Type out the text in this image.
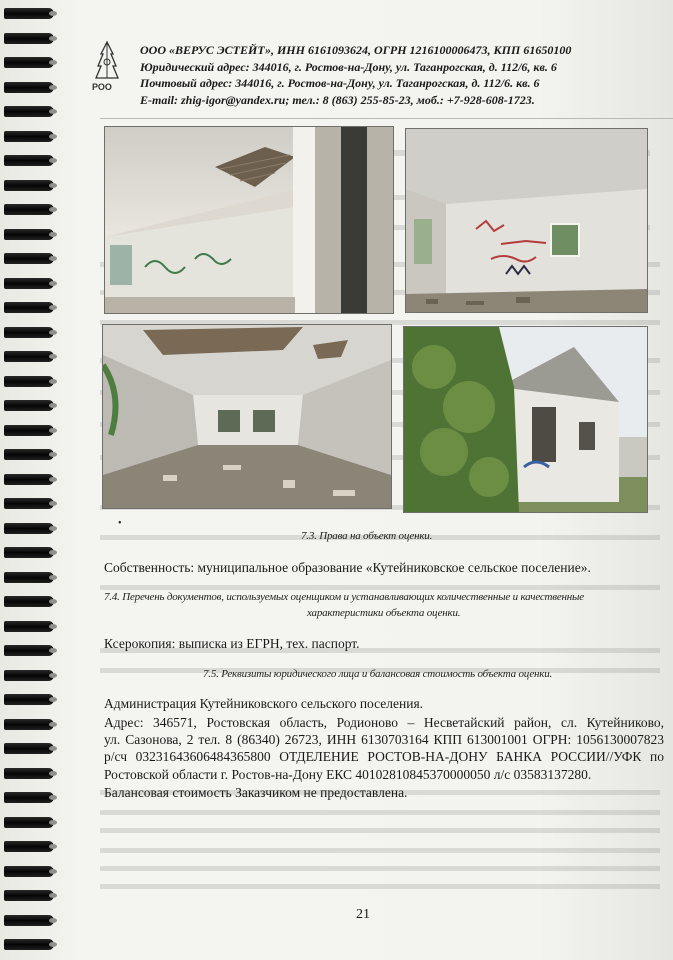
РОО
ООО «ВЕРУС ЭСТЕЙТ», ИНН 6161093624, ОГРН 1216100006473, КПП 61650100
Юридический адрес: 344016, г. Ростов-на-Дону, ул. Таганрогская, д. 112/6, кв. 6
Почтовый адрес: 344016, г. Ростов-на-Дону, ул. Таганрогская, д. 112/6. кв. 6
E-mail: zhig-igor@yandex.ru; тел.: 8 (863) 255-85-23, моб.: +7-928-608-1723.
•
7.3. Права на объект оценки.
Собственность: муниципальное образование «Кутейниковское сельское поселение».
7.4. Перечень документов, используемых оценщиком и устанавливающих количественные и качественные
характеристики объекта оценки.
Ксерокопия: выписка из ЕГРН, тех. паспорт.
7.5. Реквизиты юридического лица и балансовая стоимость объекта оценки.
Администрация Кутейниковского сельского поселения.
Адрес: 346571, Ростовская область, Родионово – Несветайский район, сл. Кутейниково,
ул. Сазонова, 2 тел. 8 (86340) 26723, ИНН 6130703164 КПП 613001001 ОГРН: 1056130007823
р/сч 03231643606484365800 ОТДЕЛЕНИЕ РОСТОВ-НА-ДОНУ БАНКА РОССИИ//УФК по
Ростовской области г. Ростов-на-Дону ЕКС 40102810845370000050 л/с 03583137280.
Балансовая стоимость Заказчиком не предоставлена.
21
